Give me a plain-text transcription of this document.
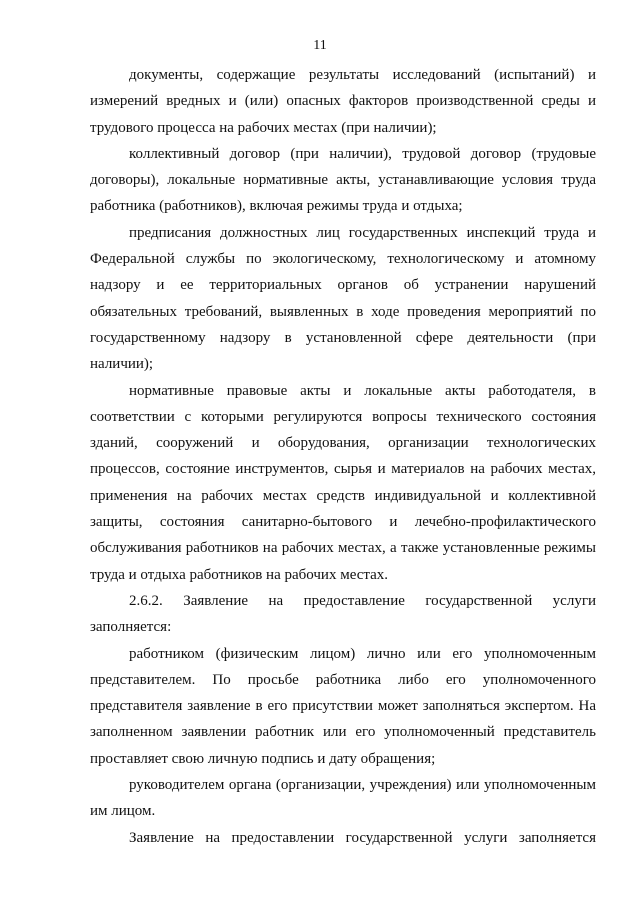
11

документы, содержащие результаты исследований (испытаний) и измерений вредных и (или) опасных факторов производственной среды и трудового процесса на рабочих местах (при наличии);

коллективный договор (при наличии), трудовой договор (трудовые договоры), локальные нормативные акты, устанавливающие условия труда работника (работников), включая режимы труда и отдыха;

предписания должностных лиц государственных инспекций труда и Федеральной службы по экологическому, технологическому и атомному надзору и ее территориальных органов об устранении нарушений обязательных требований, выявленных в ходе проведения мероприятий по государственному надзору в установленной сфере деятельности (при наличии);

нормативные правовые акты и локальные акты работодателя, в соответствии с которыми регулируются вопросы технического состояния зданий, сооружений и оборудования, организации технологических процессов, состояние инструментов, сырья и материалов на рабочих местах, применения на рабочих местах средств индивидуальной и коллективной защиты, состояния санитарно-бытового и лечебно-профилактического обслуживания работников на рабочих местах, а также установленные режимы труда и отдыха работников на рабочих местах.

2.6.2. Заявление на предоставление государственной услуги заполняется:

работником (физическим лицом) лично или его уполномоченным представителем. По просьбе работника либо его уполномоченного представителя заявление в его присутствии может заполняться экспертом. На заполненном заявлении работник или его уполномоченный представитель проставляет свою личную подпись и дату обращения;

руководителем органа (организации, учреждения) или уполномоченным им лицом.

Заявление на предоставлении государственной услуги заполняется
